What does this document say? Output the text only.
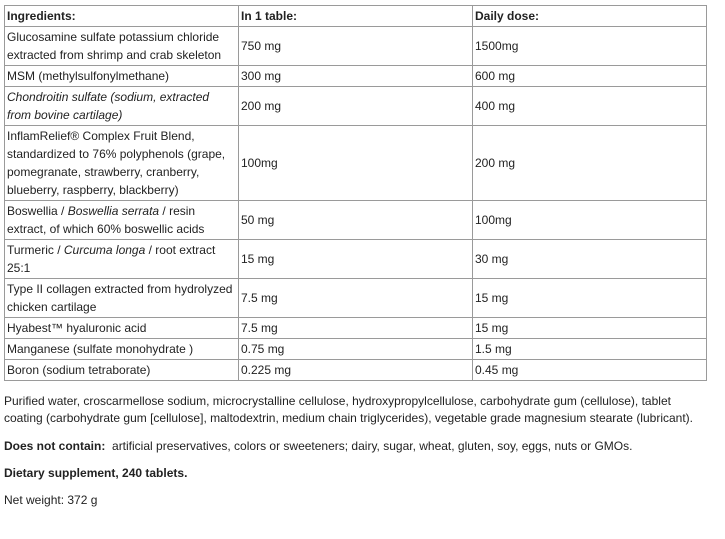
Ingredients:	In 1 table:	Daily dose:
Glucosamine sulfate potassium chloride extracted from shrimp and crab skeleton	750 mg	1500mg
MSM (methylsulfonylmethane)	300 mg	600 mg
Chondroitin sulfate (sodium, extracted from bovine cartilage)	200 mg	400 mg
InflamRelief® Complex Fruit Blend, standardized to 76% polyphenols (grape, pomegranate, strawberry, cranberry, blueberry, raspberry, blackberry)	100mg	200 mg
Boswellia / Boswellia serrata / resin extract, of which 60% boswellic acids	50 mg	100mg
Turmeric / Curcuma longa / root extract 25:1	15 mg	30 mg
Type II collagen extracted from hydrolyzed chicken cartilage	7.5 mg	15 mg
Hyabest™ hyaluronic acid	7.5 mg	15 mg
Manganese (sulfate monohydrate )	0.75 mg	1.5 mg
Boron (sodium tetraborate)	0.225 mg	0.45 mg

Purified water, croscarmellose sodium, microcrystalline cellulose, hydroxypropylcellulose, carbohydrate gum (cellulose), tablet coating (carbohydrate gum [cellulose], maltodextrin, medium chain triglycerides), vegetable grade magnesium stearate (lubricant).

Does not contain: artificial preservatives, colors or sweeteners; dairy, sugar, wheat, gluten, soy, eggs, nuts or GMOs.

Dietary supplement, 240 tablets.

Net weight: 372 g
